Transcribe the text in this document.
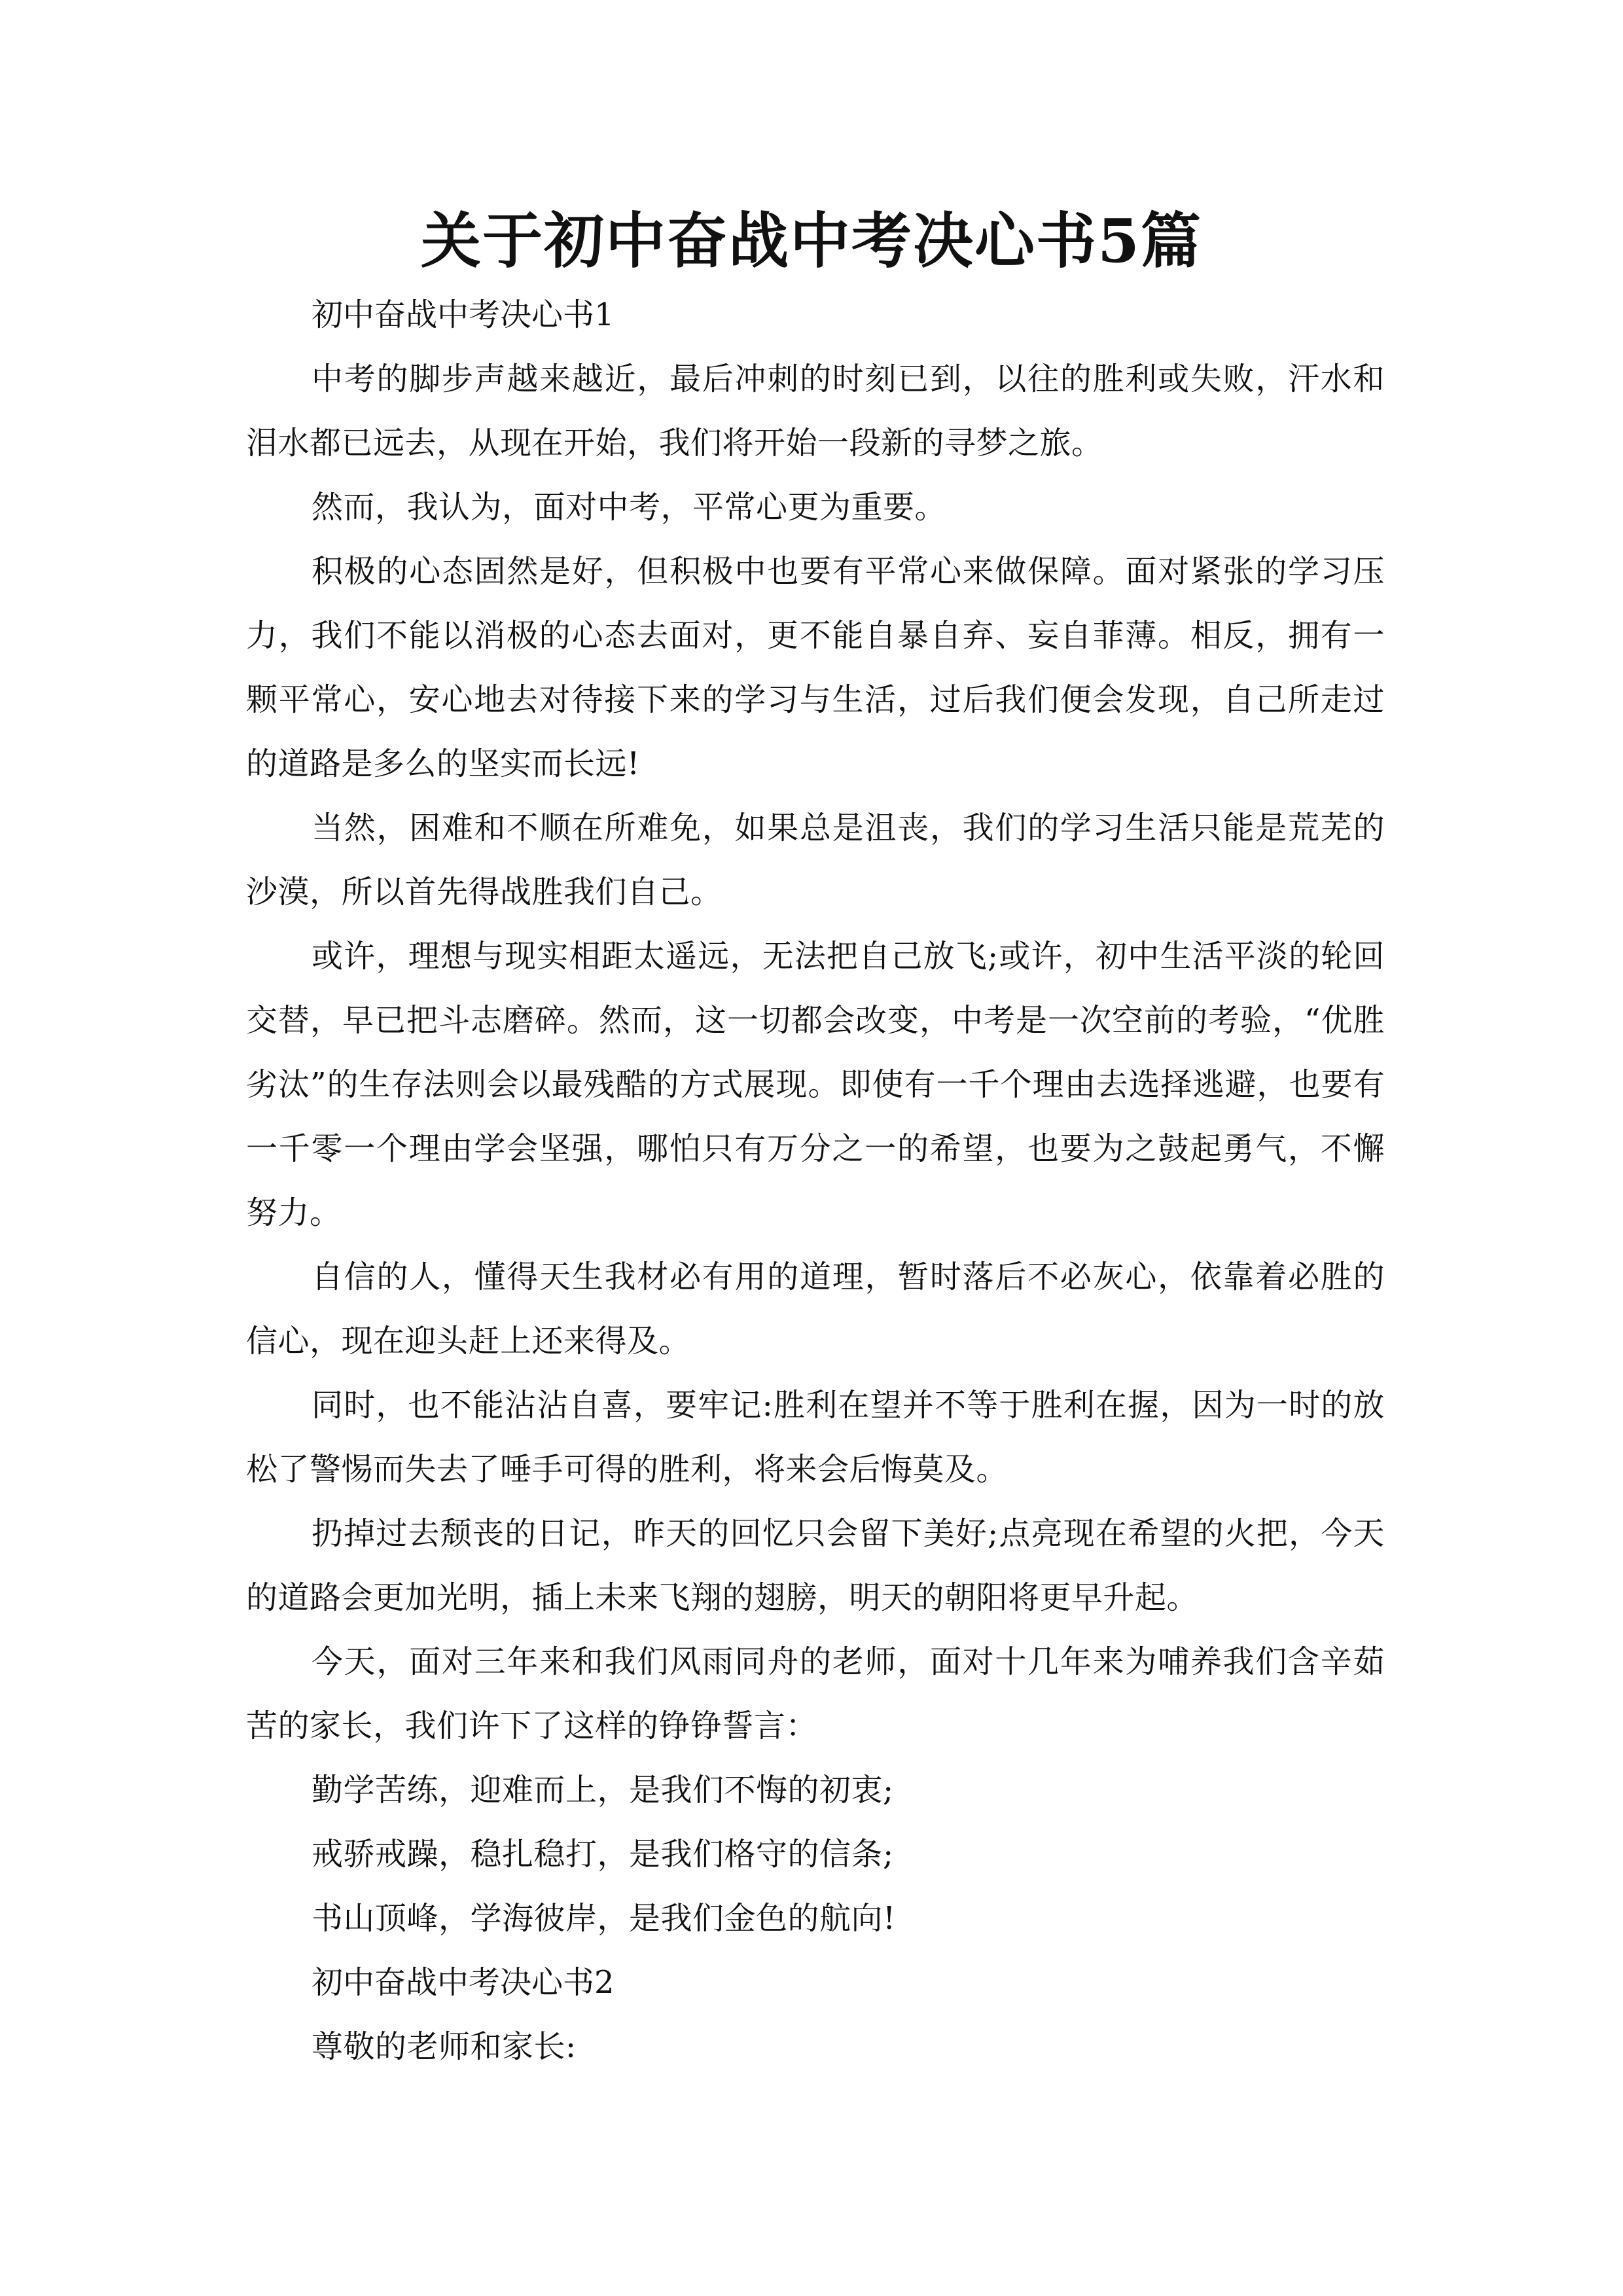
关于初中奋战中考决心书5篇

初中奋战中考决心书1

中考的脚步声越来越近，最后冲刺的时刻已到，以往的胜利或失败，汗水和泪水都已远去，从现在开始，我们将开始一段新的寻梦之旅。

然而，我认为，面对中考，平常心更为重要。

积极的心态固然是好，但积极中也要有平常心来做保障。面对紧张的学习压力，我们不能以消极的心态去面对，更不能自暴自弃、妄自菲薄。相反，拥有一颗平常心，安心地去对待接下来的学习与生活，过后我们便会发现，自己所走过的道路是多么的坚实而长远!

当然，困难和不顺在所难免，如果总是沮丧，我们的学习生活只能是荒芜的沙漠，所以首先得战胜我们自己。

或许，理想与现实相距太遥远，无法把自己放飞;或许，初中生活平淡的轮回交替，早已把斗志磨碎。然而，这一切都会改变，中考是一次空前的考验，“优胜劣汰”的生存法则会以最残酷的方式展现。即使有一千个理由去选择逃避，也要有一千零一个理由学会坚强，哪怕只有万分之一的希望，也要为之鼓起勇气，不懈努力。

自信的人，懂得天生我材必有用的道理，暂时落后不必灰心，依靠着必胜的信心，现在迎头赶上还来得及。

同时，也不能沾沾自喜，要牢记:胜利在望并不等于胜利在握，因为一时的放松了警惕而失去了唾手可得的胜利，将来会后悔莫及。

扔掉过去颓丧的日记，昨天的回忆只会留下美好;点亮现在希望的火把，今天的道路会更加光明，插上未来飞翔的翅膀，明天的朝阳将更早升起。

今天，面对三年来和我们风雨同舟的老师，面对十几年来为哺养我们含辛茹苦的家长，我们许下了这样的铮铮誓言：

勤学苦练，迎难而上，是我们不悔的初衷;

戒骄戒躁，稳扎稳打，是我们格守的信条;

书山顶峰，学海彼岸，是我们金色的航向!

初中奋战中考决心书2

尊敬的老师和家长:
